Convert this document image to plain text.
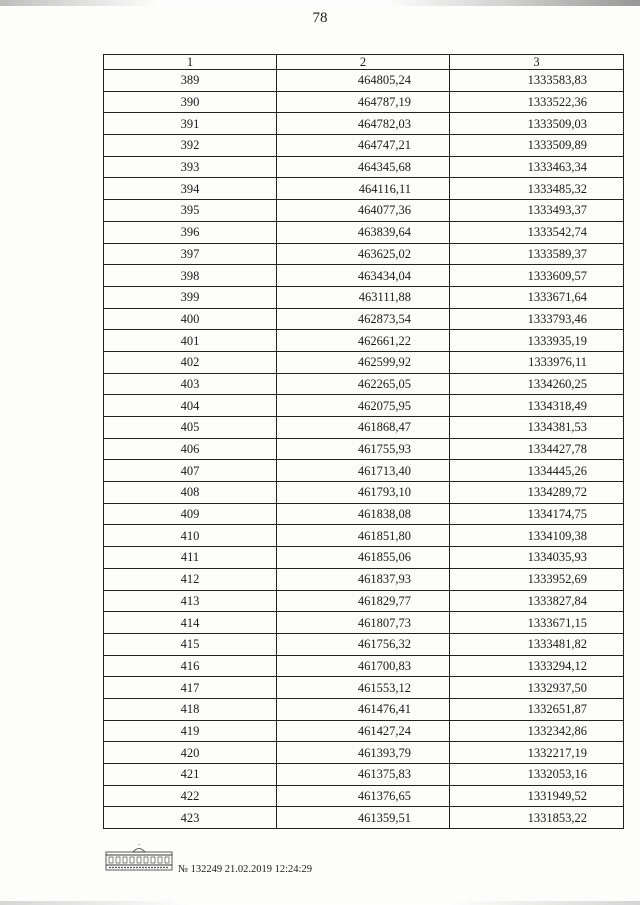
78
1	2	3
389	464805,24	1333583,83
390	464787,19	1333522,36
391	464782,03	1333509,03
392	464747,21	1333509,89
393	464345,68	1333463,34
394	464116,11	1333485,32
395	464077,36	1333493,37
396	463839,64	1333542,74
397	463625,02	1333589,37
398	463434,04	1333609,57
399	463111,88	1333671,64
400	462873,54	1333793,46
401	462661,22	1333935,19
402	462599,92	1333976,11
403	462265,05	1334260,25
404	462075,95	1334318,49
405	461868,47	1334381,53
406	461755,93	1334427,78
407	461713,40	1334445,26
408	461793,10	1334289,72
409	461838,08	1334174,75
410	461851,80	1334109,38
411	461855,06	1334035,93
412	461837,93	1333952,69
413	461829,77	1333827,84
414	461807,73	1333671,15
415	461756,32	1333481,82
416	461700,83	1333294,12
417	461553,12	1332937,50
418	461476,41	1332651,87
419	461427,24	1332342,86
420	461393,79	1332217,19
421	461375,83	1332053,16
422	461376,65	1331949,52
423	461359,51	1331853,22
№ 132249 21.02.2019 12:24:29
